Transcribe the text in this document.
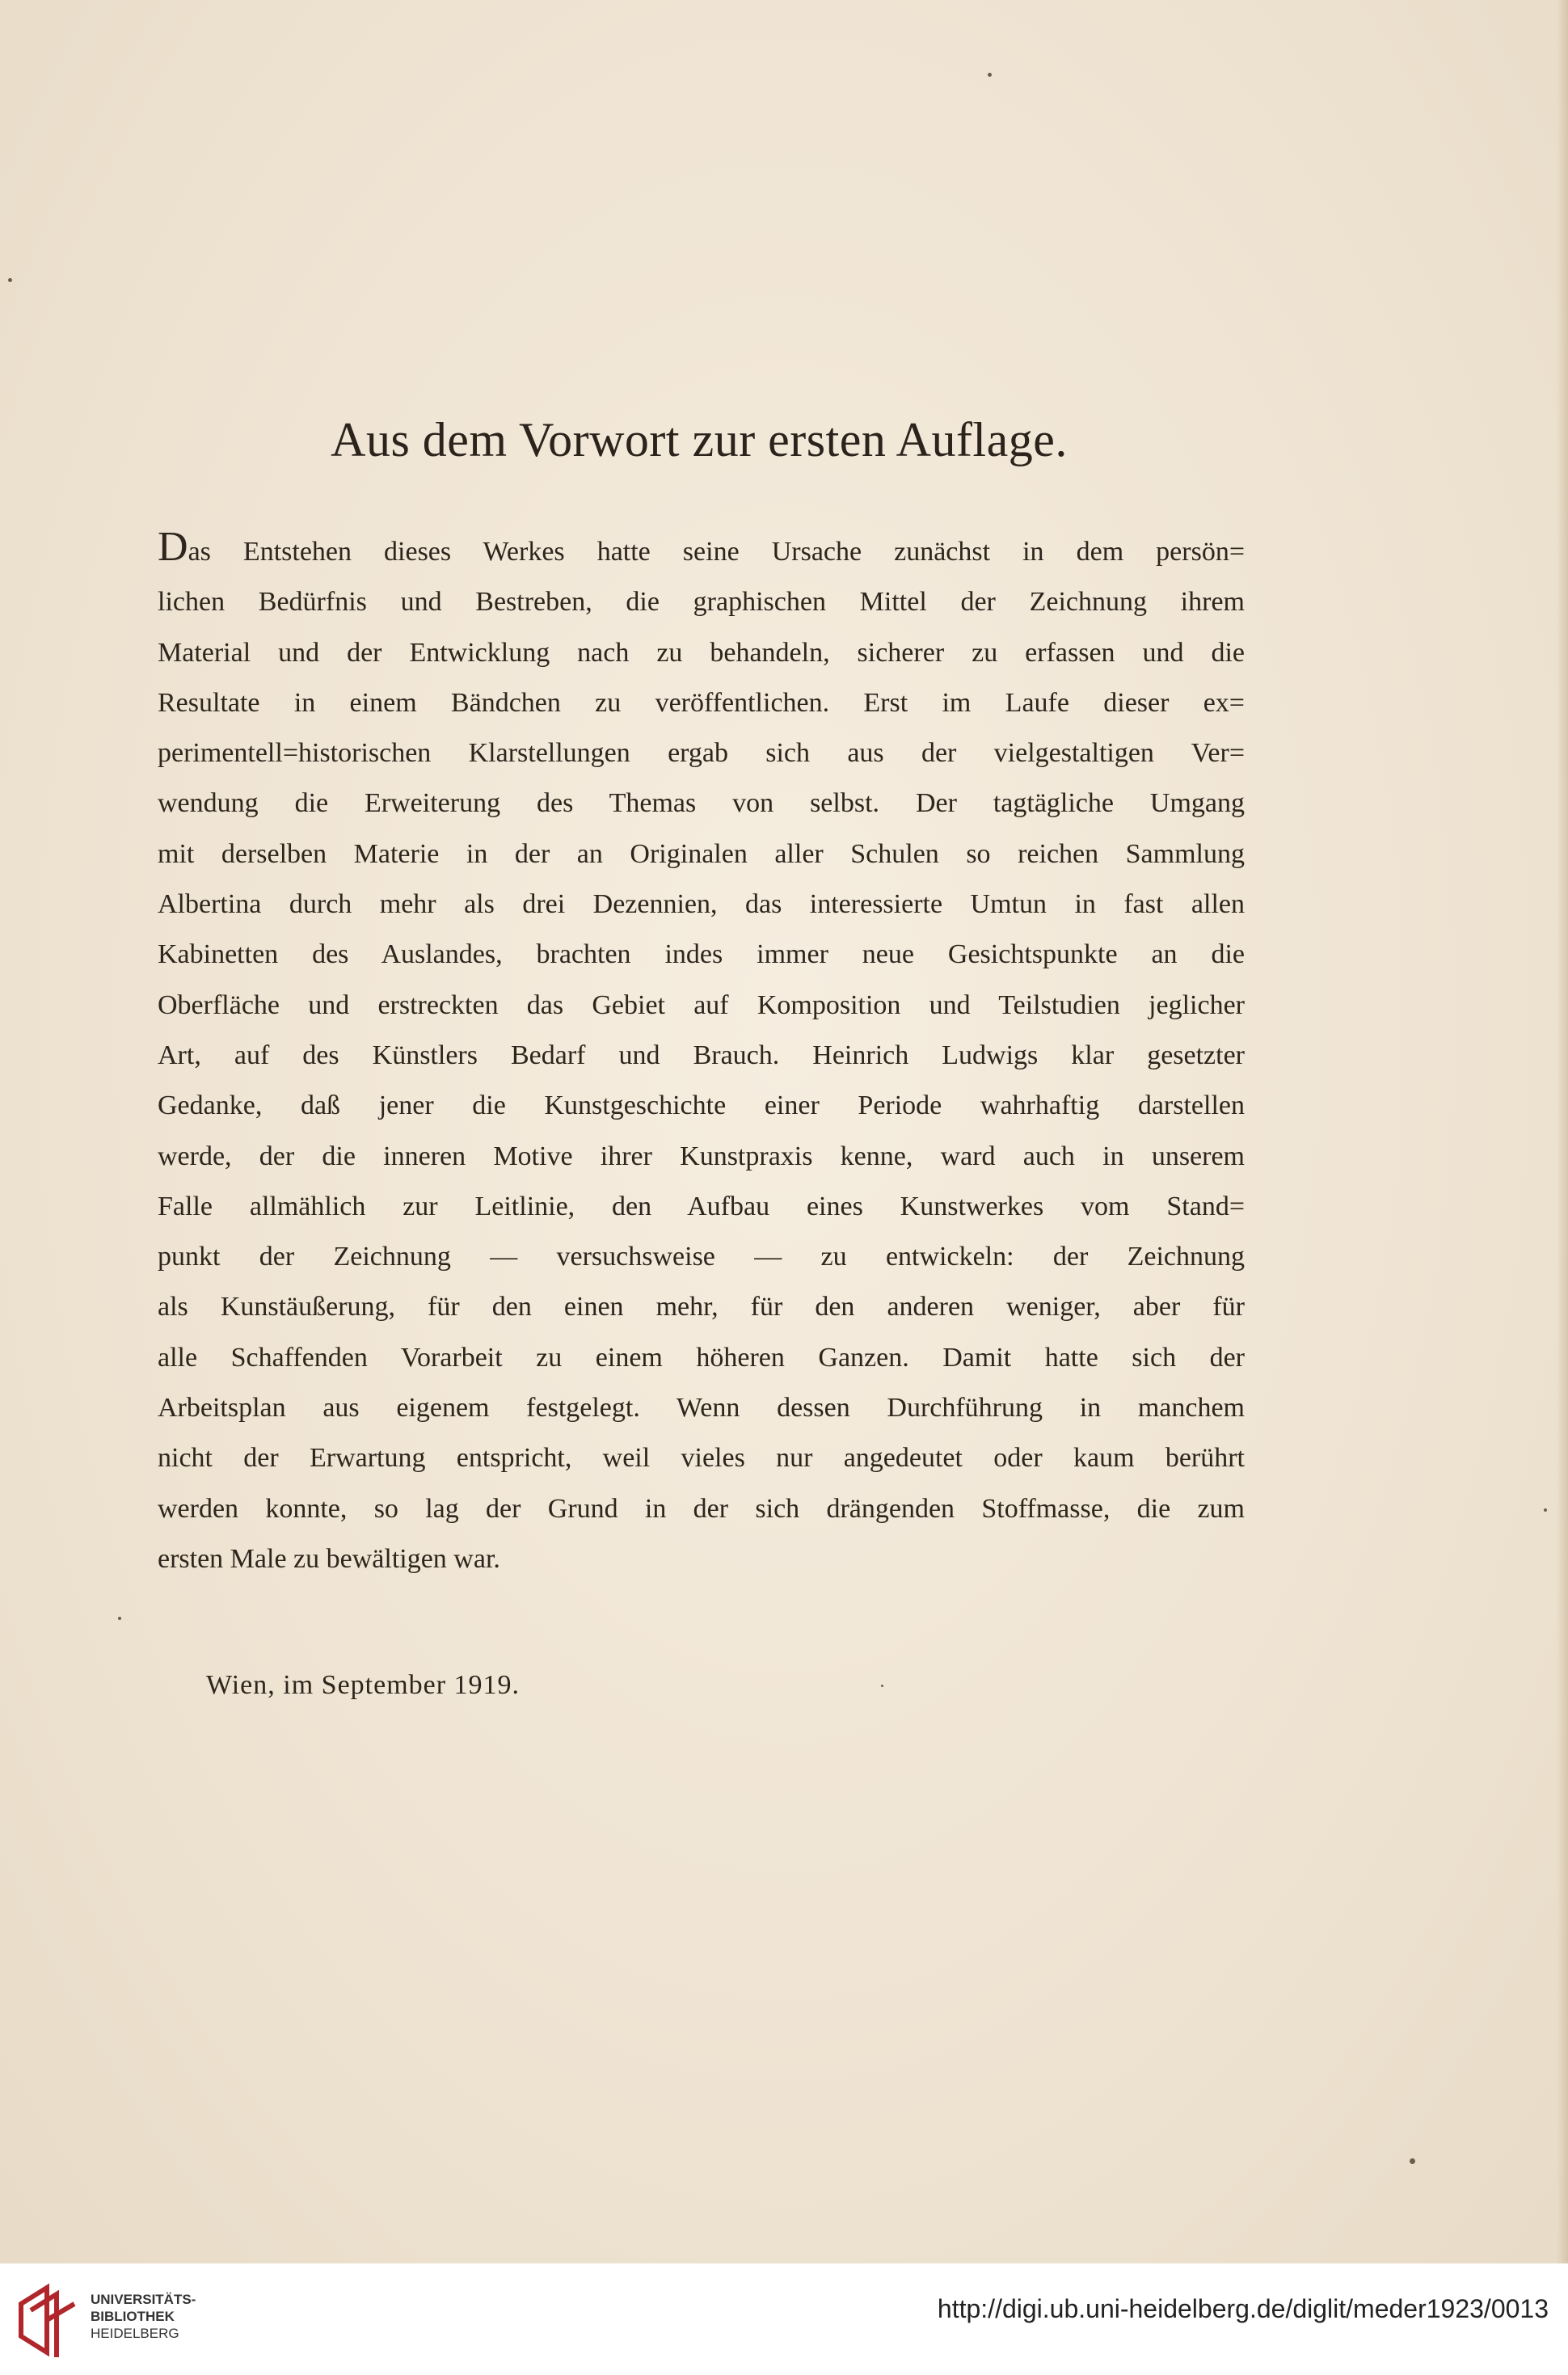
Aus dem Vorwort zur ersten Auflage.
Das Entstehen dieses Werkes hatte seine Ursache zunächst in dem persön=
lichen Bedürfnis und Bestreben, die graphischen Mittel der Zeichnung ihrem
Material und der Entwicklung nach zu behandeln, sicherer zu erfassen und die
Resultate in einem Bändchen zu veröffentlichen. Erst im Laufe dieser ex=
perimentell=historischen Klarstellungen ergab sich aus der vielgestaltigen Ver=
wendung die Erweiterung des Themas von selbst. Der tagtägliche Umgang
mit derselben Materie in der an Originalen aller Schulen so reichen Sammlung
Albertina durch mehr als drei Dezennien, das interessierte Umtun in fast allen
Kabinetten des Auslandes, brachten indes immer neue Gesichtspunkte an die
Oberfläche und erstreckten das Gebiet auf Komposition und Teilstudien jeglicher
Art, auf des Künstlers Bedarf und Brauch. Heinrich Ludwigs klar gesetzter
Gedanke, daß jener die Kunstgeschichte einer Periode wahrhaftig darstellen
werde, der die inneren Motive ihrer Kunstpraxis kenne, ward auch in unserem
Falle allmählich zur Leitlinie, den Aufbau eines Kunstwerkes vom Stand=
punkt der Zeichnung — versuchsweise — zu entwickeln: der Zeichnung
als Kunstäußerung, für den einen mehr, für den anderen weniger, aber für
alle Schaffenden Vorarbeit zu einem höheren Ganzen. Damit hatte sich der
Arbeitsplan aus eigenem festgelegt. Wenn dessen Durchführung in manchem
nicht der Erwartung entspricht, weil vieles nur angedeutet oder kaum berührt
werden konnte, so lag der Grund in der sich drängenden Stoffmasse, die zum
ersten Male zu bewältigen war.

Wien, im September 1919.

UNIVERSITÄTS-
BIBLIOTHEK
HEIDELBERG
http://digi.ub.uni-heidelberg.de/diglit/meder1923/0013
